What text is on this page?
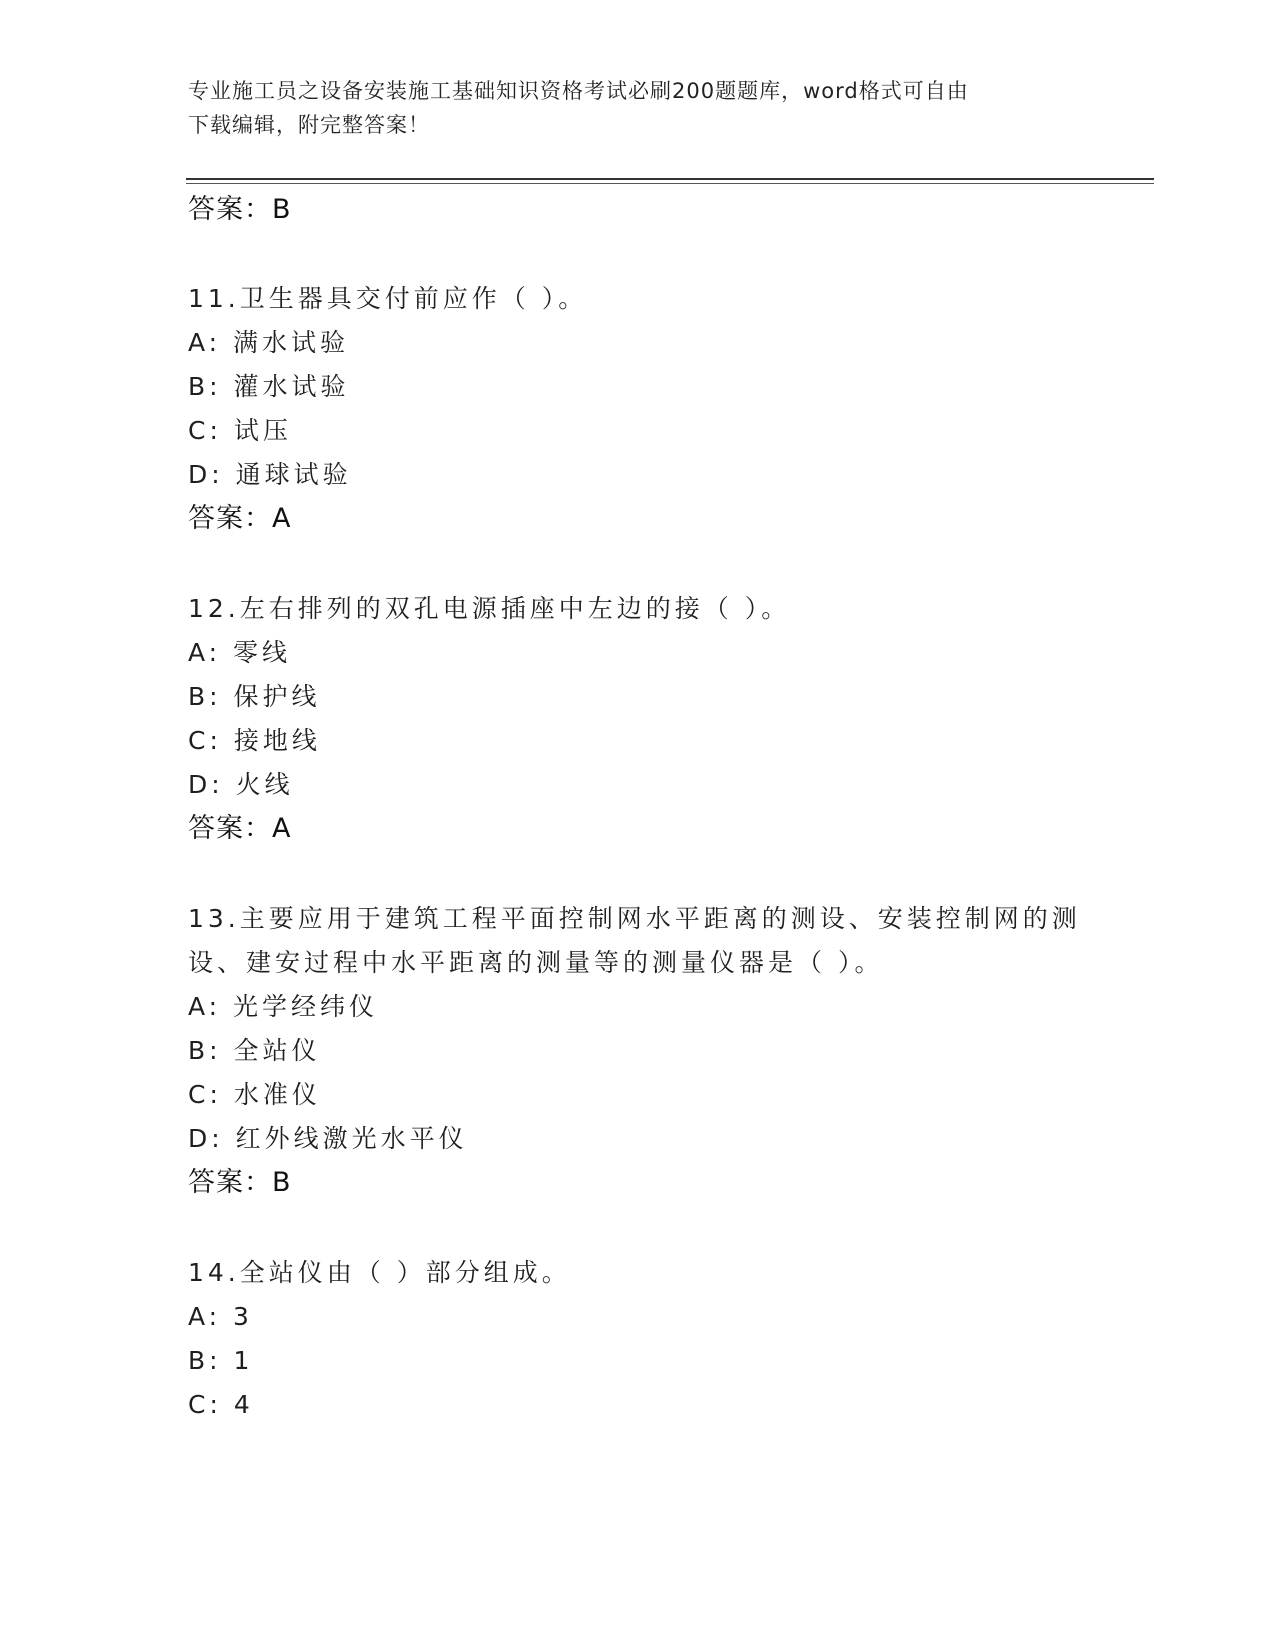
专业施工员之设备安装施工基础知识资格考试必刷200题题库，word格式可自由
下载编辑，附完整答案！
答案：B
11.卫生器具交付前应作（ ）。
A: 满水试验
B: 灌水试验
C: 试压
D: 通球试验
答案：A
12.左右排列的双孔电源插座中左边的接（ ）。
A: 零线
B: 保护线
C: 接地线
D: 火线
答案：A
13.主要应用于建筑工程平面控制网水平距离的测设、安装控制网的测
设、建安过程中水平距离的测量等的测量仪器是（ ）。
A: 光学经纬仪
B: 全站仪
C: 水准仪
D: 红外线激光水平仪
答案：B
14.全站仪由（ ）部分组成。
A: 3
B: 1
C: 4
